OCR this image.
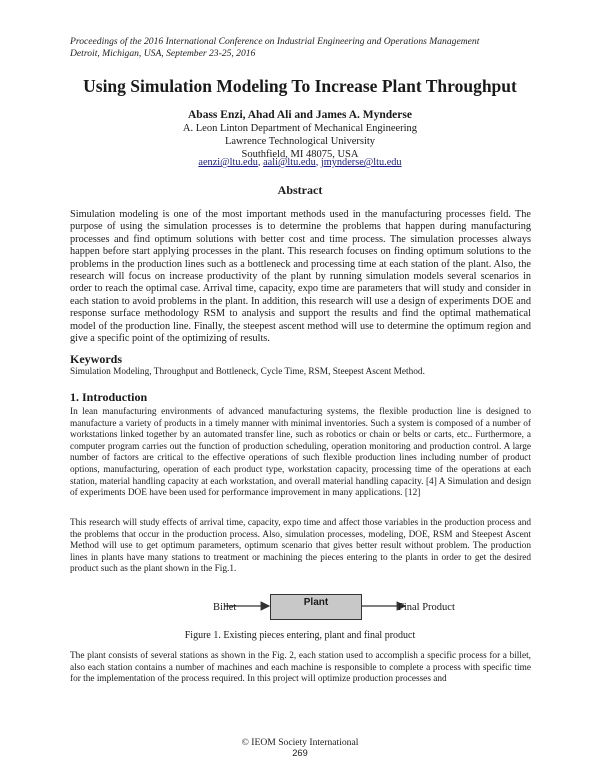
Proceedings of the 2016 International Conference on Industrial Engineering and Operations Management
Detroit, Michigan, USA, September 23-25, 2016
Using Simulation Modeling To Increase Plant Throughput
Abass Enzi, Ahad Ali and James A. Mynderse
A. Leon Linton Department of Mechanical Engineering
Lawrence Technological University
Southfield, MI 48075, USA
aenzi@ltu.edu, aali@ltu.edu, jmynderse@ltu.edu
Abstract
Simulation modeling is one of the most important methods used in the manufacturing processes field. The purpose of using the simulation processes is to determine the problems that happen during manufacturing processes and find optimum solutions with better cost and time process. The simulation processes always happen before start applying processes in the plant. This research focuses on finding optimum solutions to the problems in the production lines such as a bottleneck and processing time at each station of the plant. Also, the research will focus on increase productivity of the plant by running simulation models several scenarios in order to reach the optimal case. Arrival time, capacity, expo time are parameters that will study and consider in each station to avoid problems in the plant. In addition, this research will use a design of experiments DOE and response surface methodology RSM to analysis and support the results and find the optimal mathematical model of the production line. Finally, the steepest ascent method will use to determine the optimum region and give a specific point of the optimizing of results.
Keywords
Simulation Modeling, Throughput and Bottleneck, Cycle Time, RSM, Steepest Ascent Method.
1. Introduction
In lean manufacturing environments of advanced manufacturing systems, the flexible production line is designed to manufacture a variety of products in a timely manner with minimal inventories. Such a system is composed of a number of workstations linked together by an automated transfer line, such as robotics or chain or belts or carts, etc.. Furthermore, a computer program carries out the function of production scheduling, operation monitoring and production control. A large number of factors are critical to the effective operations of such flexible production lines including number of product options, manufacturing, operation of each product type, workstation capacity, processing time of the operations at each station, material handling capacity at each workstation, and overall material handling capacity. [4] A Simulation and design of experiments DOE have been used for performance improvement in many applications. [12]
This research will study effects of arrival time, capacity, expo time and affect those variables in the production process and the problems that occur in the production process. Also, simulation processes, modeling, DOE, RSM and Steepest Ascent Method will use to get optimum parameters, optimum scenario that gives better result without problem. The production lines in plants have many stations to treatment or machining the pieces entering to the plants in order to get the desired product such as the plant shown in the Fig.1.
Billet	Plant	Final Product
Figure 1. Existing pieces entering, plant and final product
The plant consists of several stations as shown in the Fig. 2, each station used to accomplish a specific process for a billet, also each station contains a number of machines and each machine is responsible to complete a process with specific time for the implementation of the process required. In this project will optimize production processes and
© IEOM Society International
269
